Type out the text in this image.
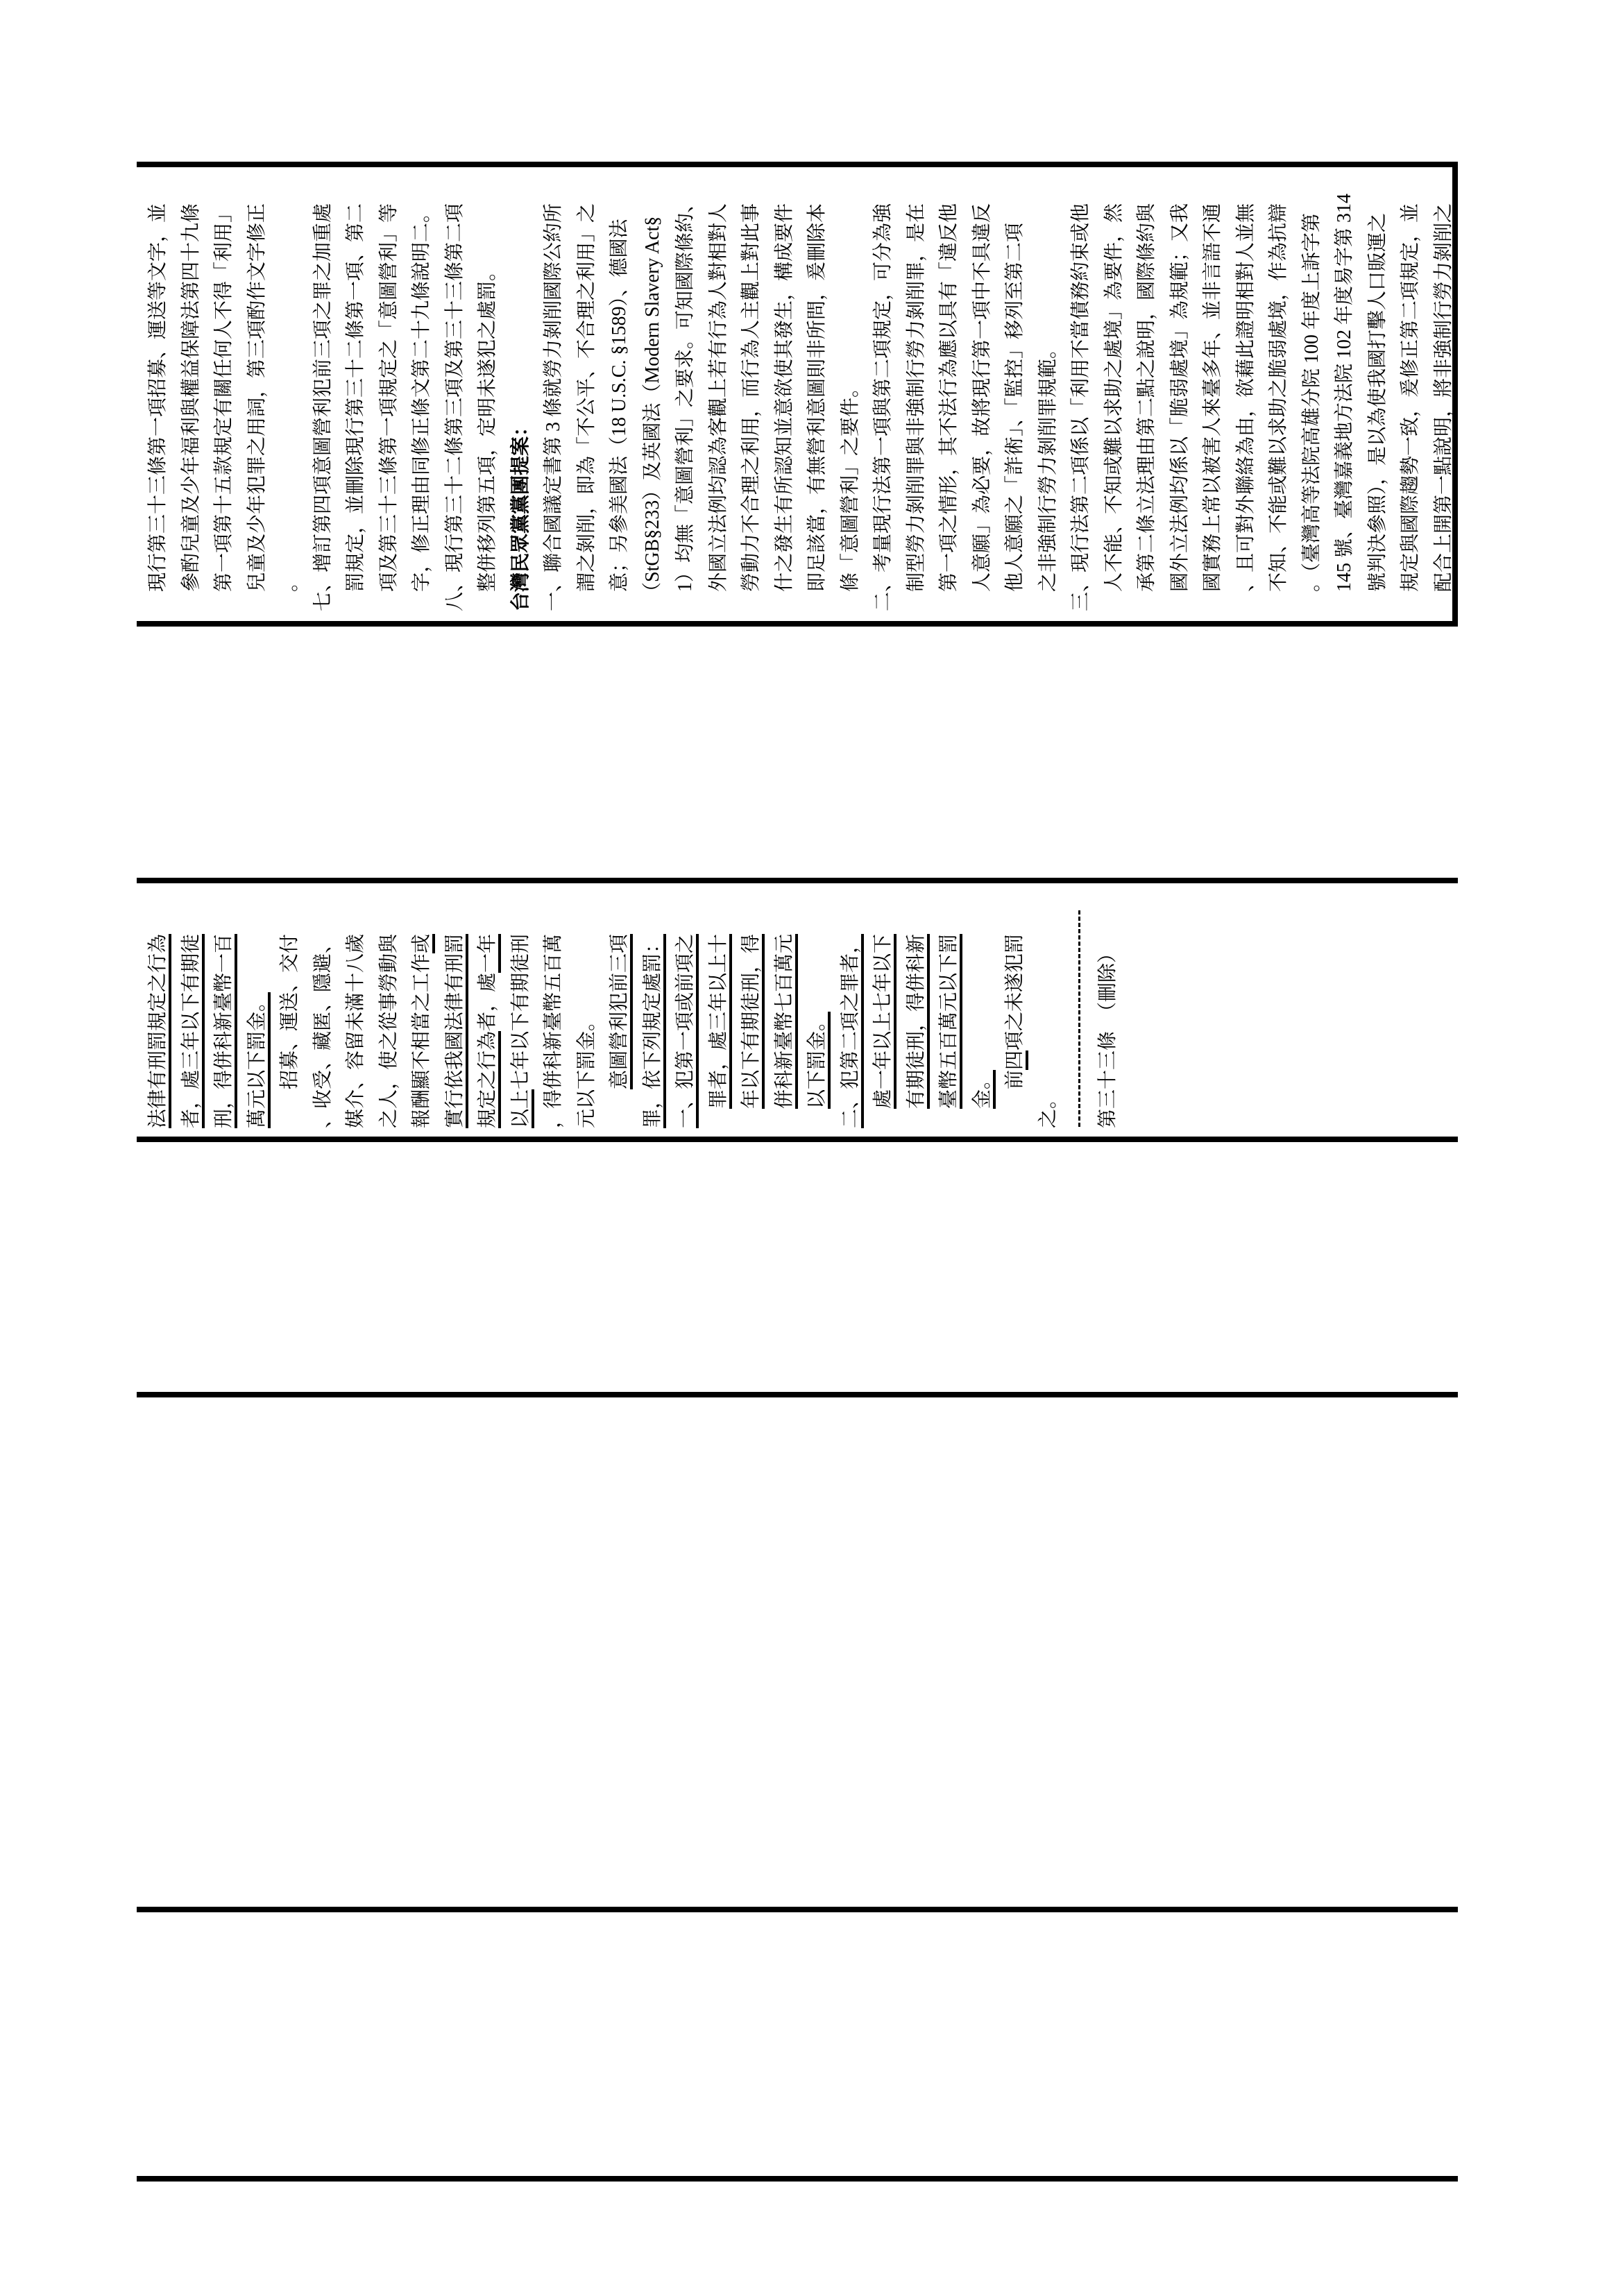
　現行第三十三條第一項招募、運送等文字，並 　參酌兒童及少年福利與權益保障法第四十九條 　第一項第十五款規定有關任何人不得「利用」 　兒童及少年犯罪之用詞，第三項酌作文字修正 　。 七、增訂第四項意圖營利犯前三項之罪之加重處 　罰規定，並刪除現行第三十二條第一項、第二 　項及第三十三條第一項規定之「意圖營利」等 　字，修正理由同修正條文第二十九條說明二。 八、現行第三十二條第三項及第三十三條第二項 　整併移列第五項，定明未遂犯之處罰。 台灣民眾黨黨團提案： 一、聯合國議定書第 3 條就勞力剝削國際公約所 　謂之剝削，即為「不公平、不合理之利用」之 　意；另參美國法（18 U.S.C. §1589）、德國法 　（StGB§233）及英國法（Modern Slavery Act§ 　1）均無「意圖營利」之要求。可知國際條約、 　外國立法例均認為客觀上若有行為人對相對人 　勞動力不合理之利用，而行為人主觀上對此事 　什之發生有所認知並意欲使其發生，構成要件 　即足該當，有無營利意圖則非所問，爰刪除本 　條「意圖營利」之要件。 二、考量現行法第一項與第二項規定，可分為強 　制型勞力剝削罪與非強制行勞力剝削罪，是在 　第一項之情形，其不法行為應以具有「違反他 　人意願」為必要，故將現行第一項中不具違反 　他人意願之「詐術」、「監控」移列至第二項 　之非強制行勞力剝削罪規範。 三、現行法第二項係以「利用不當債務約束或他 　人不能、不知或難以求助之處境」為要件，然 　承第二條立法理由第二點之說明，國際條約與 　國外立法例均係以「脆弱處境」為規範；又我 　國實務上常以被害人來臺多年、並非言語不通 　、且可對外聯絡為由，欲藉此證明相對人並無 　不知、不能或難以求助之脆弱處境，作為抗辯 　。（臺灣高等法院高雄分院 100 年度上訴字第 　145 號、臺灣嘉義地方法院 102 年度易字第 314 　號判決參照），是以為使我國打擊人口販運之 　規定與國際趨勢一致，爰修正第二項規定，並 　配合上開第一點說明，將非強制行勞力剝削之
法律有刑罰規定之行為 者，處三年以下有期徒 刑，得併科新臺幣一百 萬元以下罰金。 　　招募、運送、交付 、收受、藏匿、隱避、 媒介、容留未滿十八歲 之人，使之從事勞動與 報酬顯不相當之工作或 實行依我國法律有刑罰 規定之行為者，處一年
以上七年以下有期徒刑 ，得併科新臺幣五百萬 元以下罰金。
　　 意圖營利犯前三項 罪，依下列規定處罰： 一、犯第一項或前項之
　 罪者，處三年以上十
　 年以下有期徒刑，得
　 併科新臺幣七百萬元
　 以下罰金。 二、犯第二項之罪者，
　 處一年以上七年以下
　 有期徒刑，得併科新
　 臺幣五百萬元以下罰
　 金。 　　前四項之未遂犯罰
之。	第三十三條　（刪除）
